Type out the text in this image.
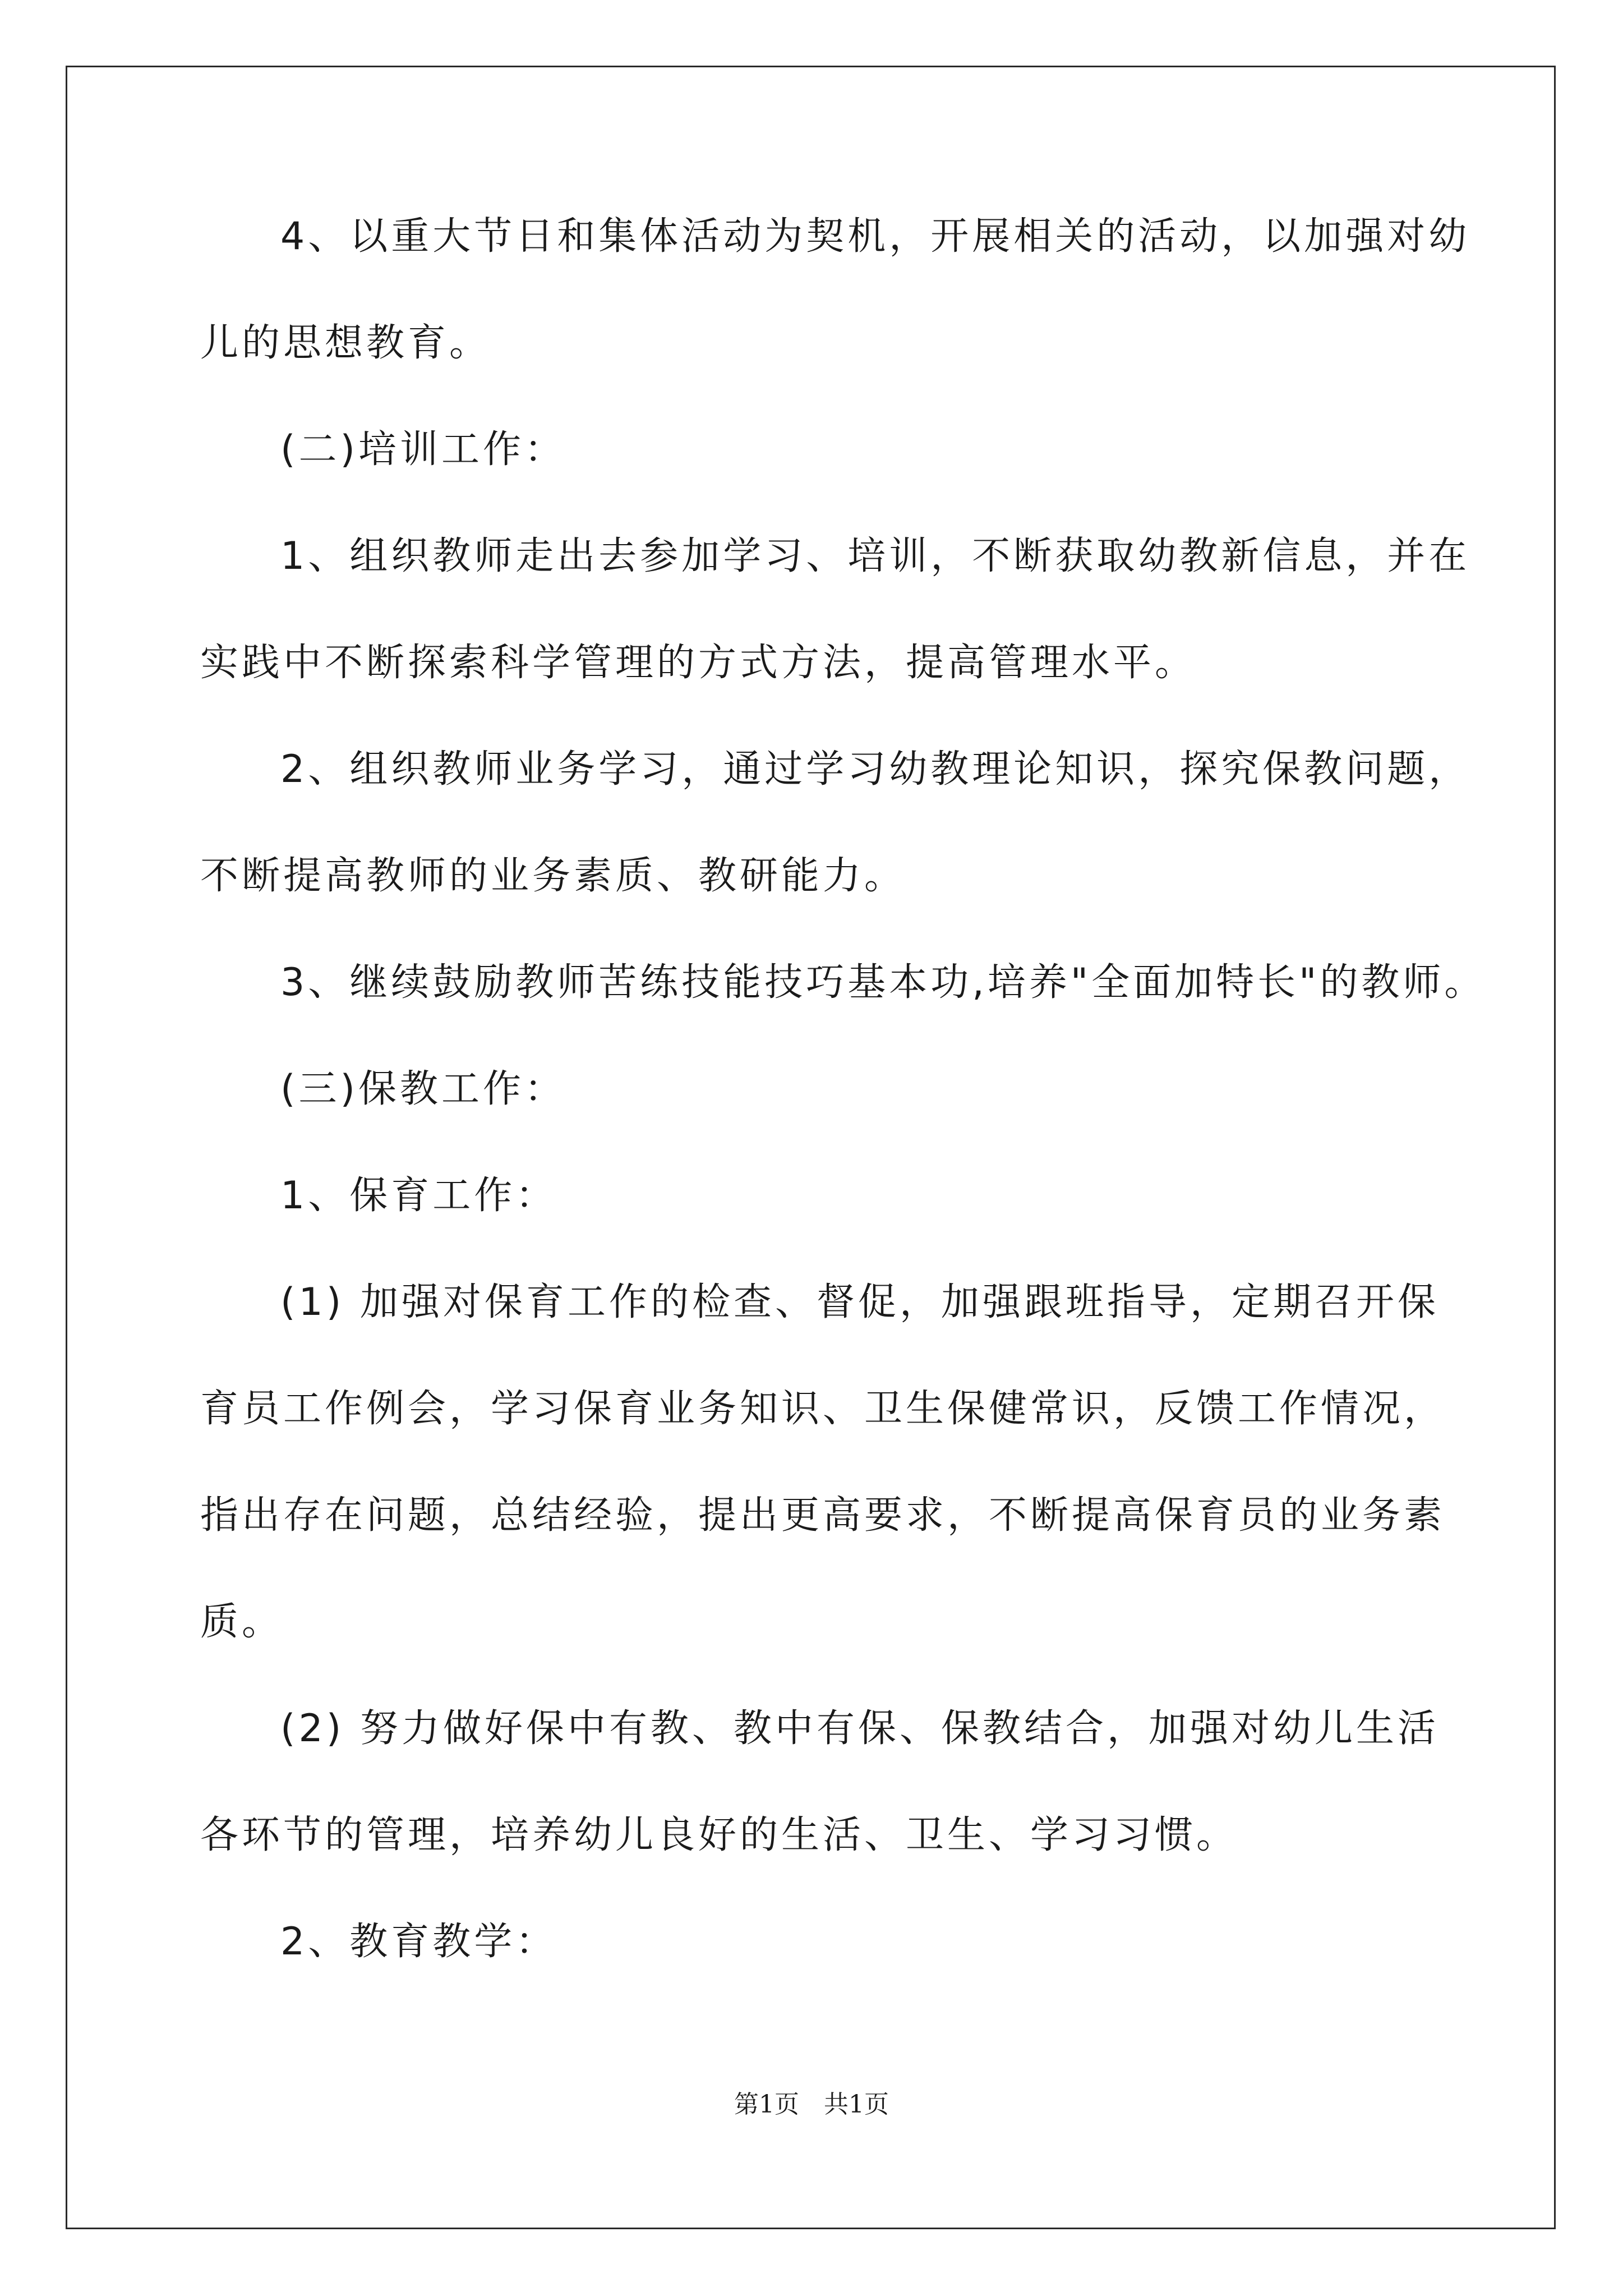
4、以重大节日和集体活动为契机，开展相关的活动，以加强对幼
儿的思想教育。
(二)培训工作：
1、组织教师走出去参加学习、培训，不断获取幼教新信息，并在
实践中不断探索科学管理的方式方法，提高管理水平。
2、组织教师业务学习，通过学习幼教理论知识，探究保教问题，
不断提高教师的业务素质、教研能力。
3、继续鼓励教师苦练技能技巧基本功,培养"全面加特长"的教师。
(三)保教工作：
1、保育工作：
(1) 加强对保育工作的检查、督促，加强跟班指导，定期召开保
育员工作例会，学习保育业务知识、卫生保健常识，反馈工作情况，
指出存在问题，总结经验，提出更高要求，不断提高保育员的业务素
质。
(2) 努力做好保中有教、教中有保、保教结合，加强对幼儿生活
各环节的管理，培养幼儿良好的生活、卫生、学习习惯。
2、教育教学：
第1页　共1页
